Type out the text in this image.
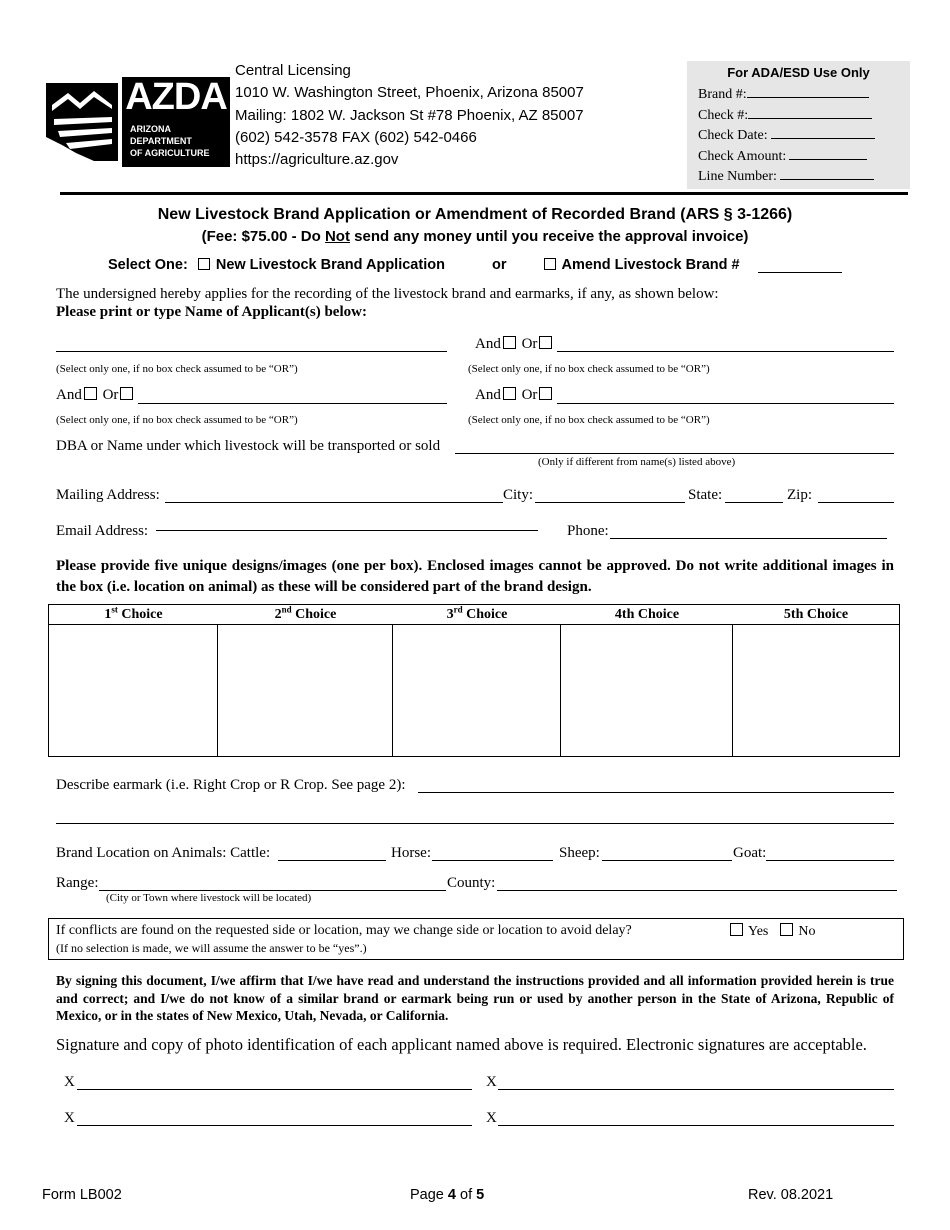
AZDA
ARIZONA
DEPARTMENT
OF AGRICULTURE
Central Licensing
1010 W. Washington Street, Phoenix, Arizona 85007
Mailing: 1802 W. Jackson St #78 Phoenix, AZ 85007
(602) 542-3578 FAX (602) 542-0466
https://agriculture.az.gov
For ADA/ESD Use Only
Brand #:
Check #:
Check Date:
Check Amount:
Line Number:
New Livestock Brand Application or Amendment of Recorded Brand (ARS § 3-1266)
(Fee: $75.00 - Do Not send any money until you receive the approval invoice)
Select One: New Livestock Brand Application	or	Amend Livestock Brand #
The undersigned hereby applies for the recording of the livestock brand and earmarks, if any, as shown below:
Please print or type Name of Applicant(s) below:
And Or
(Select only one, if no box check assumed to be “OR”)	(Select only one, if no box check assumed to be “OR”)
And Or	And Or
(Select only one, if no box check assumed to be “OR”)	(Select only one, if no box check assumed to be “OR”)
DBA or Name under which livestock will be transported or sold
(Only if different from name(s) listed above)
Mailing Address:	City:	State:	Zip:
Email Address:	Phone:
Please provide five unique designs/images (one per box). Enclosed images cannot be approved. Do not write additional images in the box (i.e. location on animal) as these will be considered part of the brand design.
1st Choice	2nd Choice	3rd Choice	4th Choice	5th Choice
Describe earmark (i.e. Right Crop or R Crop. See page 2):
Brand Location on Animals: Cattle:	Horse:	Sheep:	Goat:
Range:
(City or Town where livestock will be located)
County:
If conflicts are found on the requested side or location, may we change side or location to avoid delay?	Yes No
(If no selection is made, we will assume the answer to be “yes”.)
By signing this document, I/we affirm that I/we have read and understand the instructions provided and all information provided herein is true and correct; and I/we do not know of a similar brand or earmark being run or used by another person in the State of Arizona, Republic of Mexico, or in the states of New Mexico, Utah, Nevada, or California.
Signature and copy of photo identification of each applicant named above is required. Electronic signatures are acceptable.
X	X
X	X
Form LB002	Page 4 of 5	Rev. 08.2021
